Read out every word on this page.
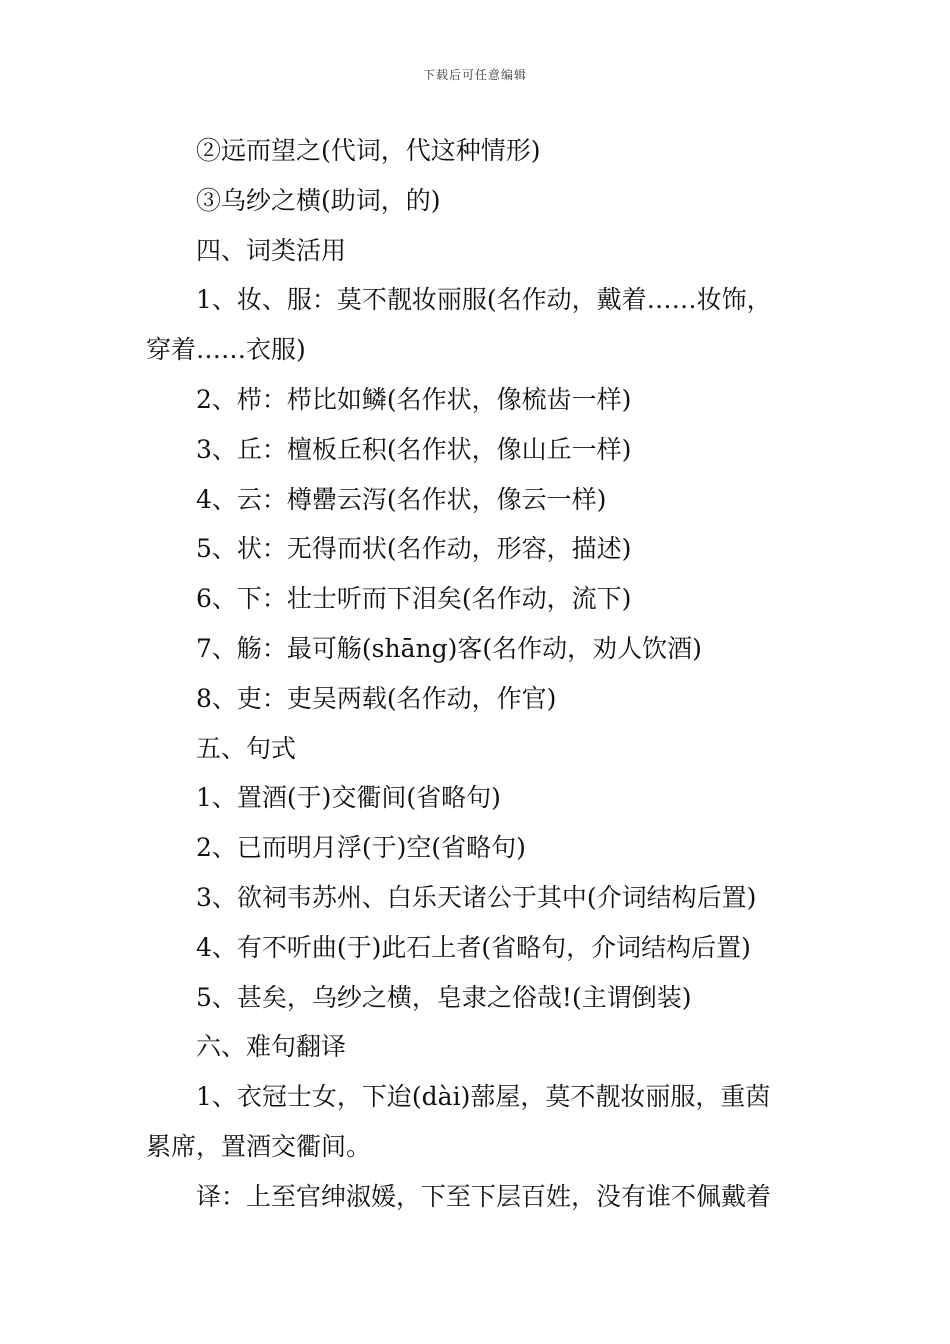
下载后可任意编辑
②远而望之(代词，代这种情形)
③乌纱之横(助词，的)
四、词类活用
1、妆、服：莫不靓妆丽服(名作动，戴着……妆饰，
穿着……衣服)
2、栉：栉比如鳞(名作状，像梳齿一样)
3、丘：檀板丘积(名作状，像山丘一样)
4、云：樽罍云泻(名作状，像云一样)
5、状：无得而状(名作动，形容，描述)
6、下：壮士听而下泪矣(名作动，流下)
7、觞：最可觞(shāng)客(名作动，劝人饮酒)
8、吏：吏吴两载(名作动，作官)
五、句式
1、置酒(于)交衢间(省略句)
2、已而明月浮(于)空(省略句)
3、欲祠韦苏州、白乐天诸公于其中(介词结构后置)
4、有不听曲(于)此石上者(省略句，介词结构后置)
5、甚矣，乌纱之横，皂隶之俗哉!(主谓倒装)
六、难句翻译
1、衣冠士女，下迨(dài)蔀屋，莫不靓妆丽服，重茵
累席，置酒交衢间。
译：上至官绅淑媛，下至下层百姓，没有谁不佩戴着
